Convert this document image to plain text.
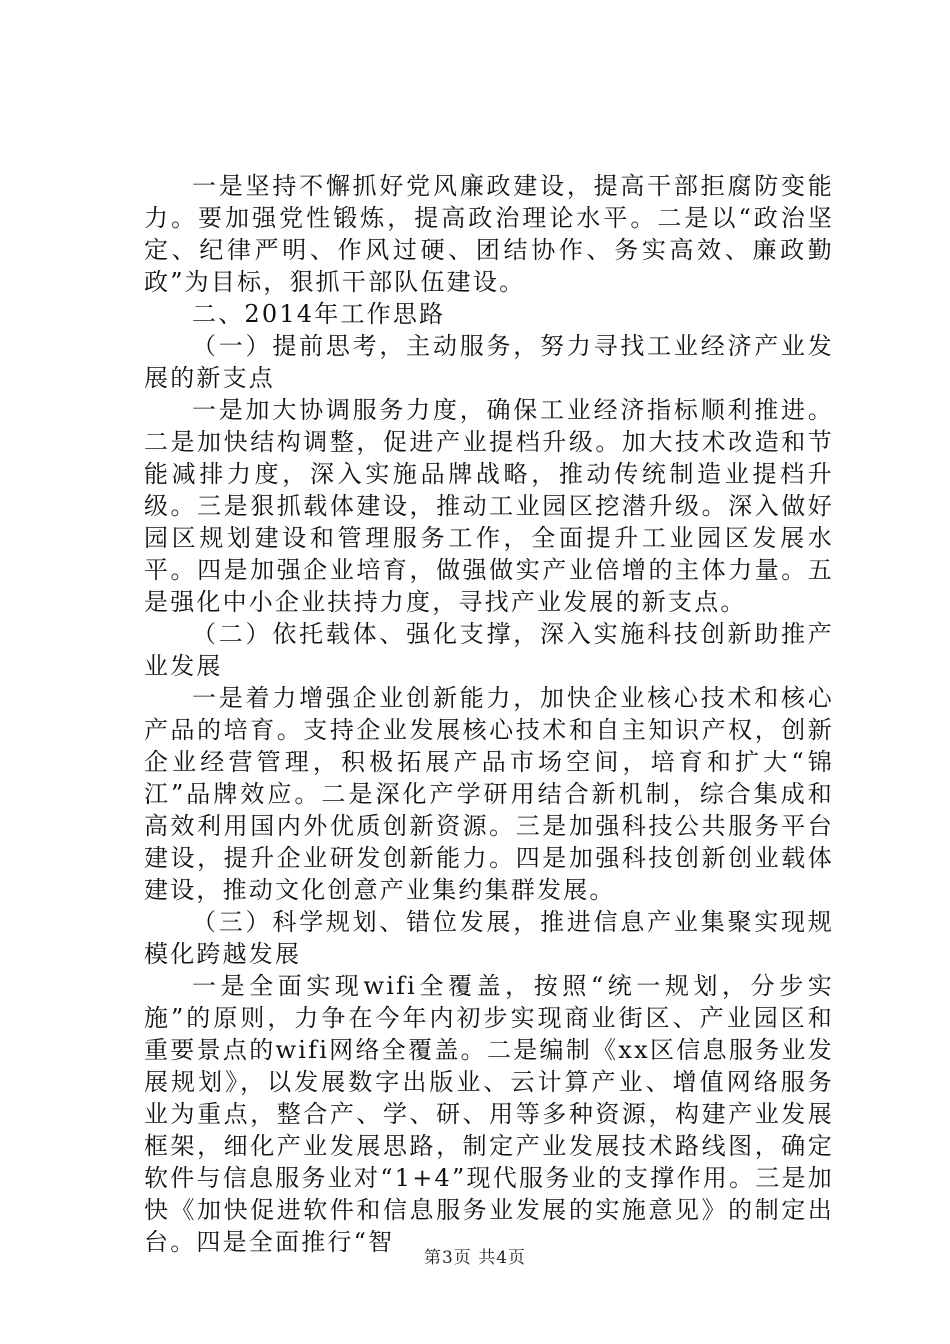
一是坚持不懈抓好党风廉政建设，提高干部拒腐防变能力。要加强党性锻炼，提高政治理论水平。二是以“政治坚定、纪律严明、作风过硬、团结协作、务实高效、廉政勤政”为目标，狠抓干部队伍建设。

二、2014年工作思路

（一）提前思考，主动服务，努力寻找工业经济产业发展的新支点

一是加大协调服务力度，确保工业经济指标顺利推进。二是加快结构调整，促进产业提档升级。加大技术改造和节能减排力度，深入实施品牌战略，推动传统制造业提档升级。三是狠抓载体建设，推动工业园区挖潜升级。深入做好园区规划建设和管理服务工作，全面提升工业园区发展水平。四是加强企业培育，做强做实产业倍增的主体力量。五是强化中小企业扶持力度，寻找产业发展的新支点。

（二）依托载体、强化支撑，深入实施科技创新助推产业发展

一是着力增强企业创新能力，加快企业核心技术和核心产品的培育。支持企业发展核心技术和自主知识产权，创新企业经营管理，积极拓展产品市场空间，培育和扩大“锦江”品牌效应。二是深化产学研用结合新机制，综合集成和高效利用国内外优质创新资源。三是加强科技公共服务平台建设，提升企业研发创新能力。四是加强科技创新创业载体建设，推动文化创意产业集约集群发展。

（三）科学规划、错位发展，推进信息产业集聚实现规模化跨越发展

一是全面实现wifi全覆盖，按照“统一规划，分步实施”的原则，力争在今年内初步实现商业街区、产业园区和重要景点的wifi网络全覆盖。二是编制《xx区信息服务业发展规划》，以发展数字出版业、云计算产业、增值网络服务业为重点，整合产、学、研、用等多种资源，构建产业发展框架，细化产业发展思路，制定产业发展技术路线图，确定软件与信息服务业对“1+4”现代服务业的支撑作用。三是加快《加快促进软件和信息服务业发展的实施意见》的制定出台。四是全面推行“智

第3页 共4页
